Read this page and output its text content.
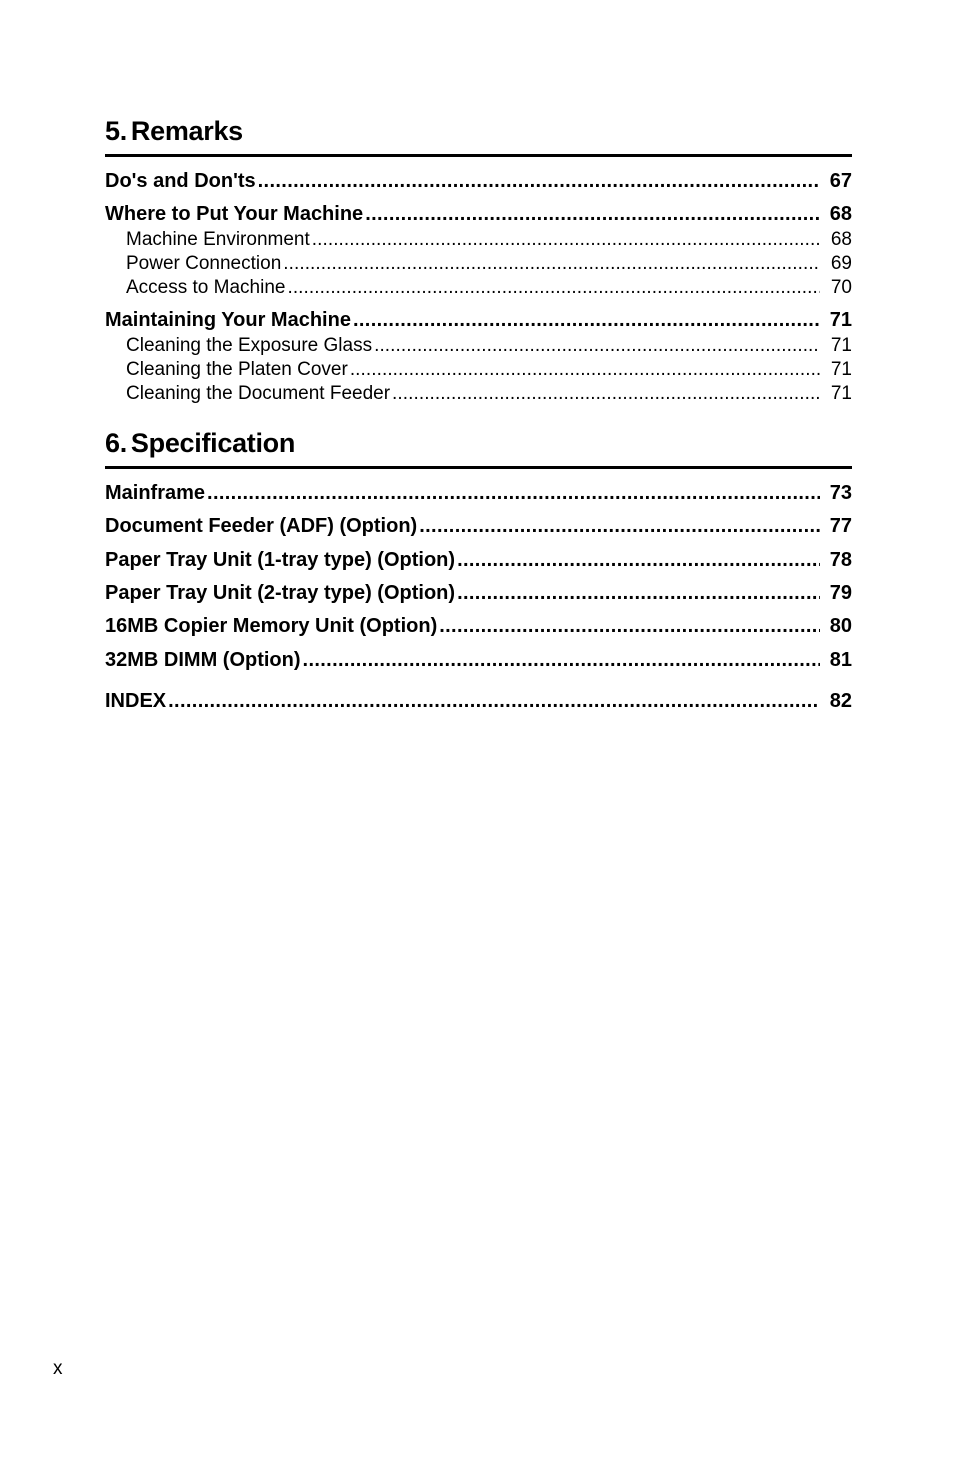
5. Remarks
Do's and Don'ts . . .	67
Where to Put Your Machine . . .	68
Machine Environment . . .	68
Power Connection . . .	69
Access to Machine . . .	70
Maintaining Your Machine . . .	71
Cleaning the Exposure Glass . . .	71
Cleaning the Platen Cover . . .	71
Cleaning the Document Feeder . . .	71
6. Specification
Mainframe . . .	73
Document Feeder (ADF) (Option) . . .	77
Paper Tray Unit (1-tray type) (Option) . . .	78
Paper Tray Unit (2-tray type) (Option) . . .	79
16MB Copier Memory Unit (Option) . . .	80
32MB DIMM (Option) . . .	81
INDEX . . .	82
x
